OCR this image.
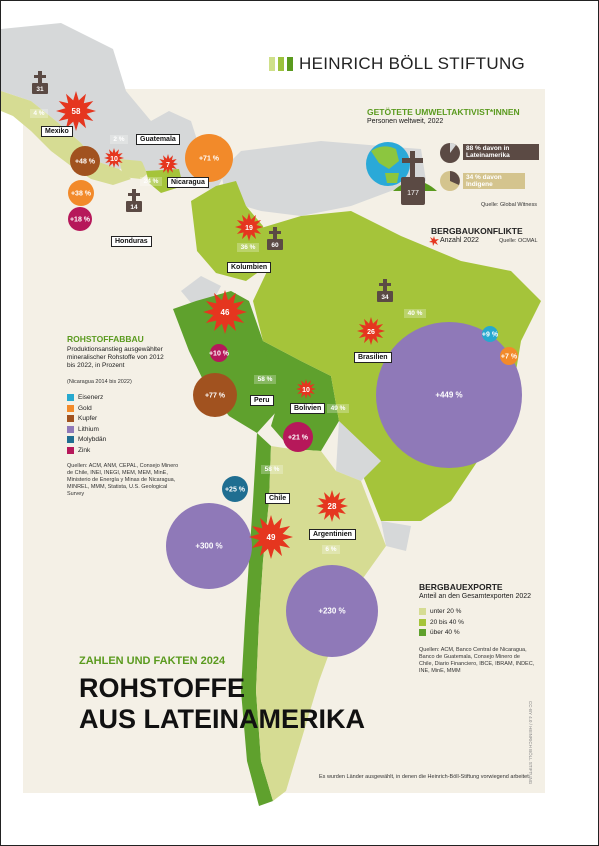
+48 %
+38 %
+18 %
+71 %
+10 %
+77 %
+21 %
+449 %
+9 %
+7 %
+25 %
+300 %
+230 %
58
10
7
19
46
10
26
49
28
31
14
60
34
4 %
2 %
24 %
36 %
58 %
49 %
40 %
58 %
6 %
177
HEINRICH BÖLL STIFTUNG
GETÖTETE UMWELTAKTIVIST*INNEN
Personen weltweit, 2022
88 % davon in Lateinamerika
34 % davon Indigene
Quelle: Global Witness
BERGBAUKONFLIKTE
Anzahl 2022	Quelle: OCMAL
ROHSTOFFABBAU
Produktionsanstieg ausgewählter mineralischer Rohstoffe von 2012 bis 2022, in Prozent
(Nicaragua 2014 bis 2022)
Eisenerz
Gold
Kupfer
Lithium
Molybdän
Zink
Quellen: ACM, ANM, CEPAL, Consejo Minero de Chile, INEI, INEGI, MEM, MEM, MinE, Ministerio de Energía y Minas de Nicaragua, MINREL, MMM, Statista, U.S. Geological Survey
BERGBAUEXPORTE
Anteil an den Gesamtexporten 2022
unter 20 %
20 bis 40 %
über 40 %
Quellen: ACM, Banco Central de Nicaragua, Banco de Guatemala, Consejo Minero de Chile, Diario Financiero, IBCE, IBRAM, INDEC, INE, MinE, MMM
ZAHLEN UND FAKTEN 2024
ROHSTOFFE
AUS LATEINAMERIKA
Es wurden Länder ausgewählt, in denen die Heinrich-Böll-Stiftung vorwiegend arbeitet.
CC-BY 4.0 / HEINRICH BÖLL STIFTUNG
Mexiko
Guatemala
Honduras
Nicaragua
Kolumbien
Peru
Bolivien
Brasilien
Chile
Argentinien
